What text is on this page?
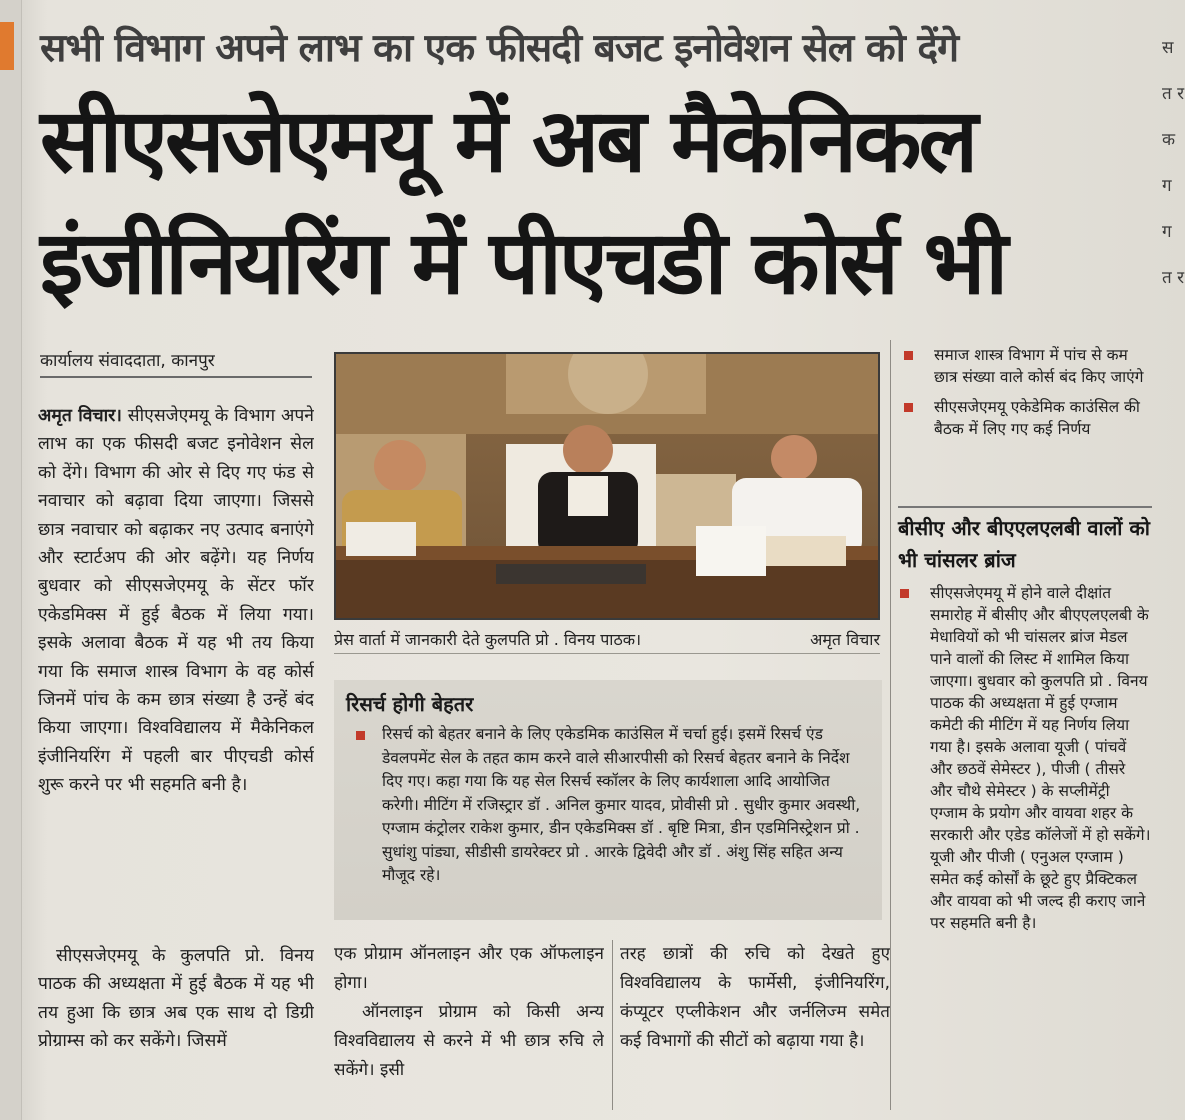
सभी विभाग अपने लाभ का एक फीसदी बजट इनोवेशन सेल को देंगे
सीएसजेएमयू में अब मैकेनिकल
इंजीनियरिंग में पीएचडी कोर्स भी
कार्यालय संवाददाता, कानपुर

अमृत विचार। सीएसजेएमयू के विभाग अपने लाभ का एक फीसदी बजट इनोवेशन सेल को देंगे। विभाग की ओर से दिए गए फंड से नवाचार को बढ़ावा दिया जाएगा। जिससे छात्र नवाचार को बढ़ाकर नए उत्पाद बनाएंगे और स्टार्टअप की ओर बढ़ेंगे। यह निर्णय बुधवार को सीएसजेएमयू के सेंटर फॉर एकेडमिक्स में हुई बैठक में लिया गया। इसके अलावा बैठक में यह भी तय किया गया कि समाज शास्त्र विभाग के वह कोर्स जिनमें पांच के कम छात्र संख्या है उन्हें बंद किया जाएगा। विश्वविद्यालय में मैकेनिकल इंजीनियरिंग में पहली बार पीएचडी कोर्स शुरू करने पर भी सहमति बनी है।

सीएसजेएमयू के कुलपति प्रो. विनय पाठक की अध्यक्षता में हुई बैठक में यह भी तय हुआ कि छात्र अब एक साथ दो डिग्री प्रोग्राम्स को कर सकेंगे। जिसमें

प्रेस वार्ता में जानकारी देते कुलपति प्रो . विनय पाठक।	अमृत विचार
रिसर्च होगी बेहतर
रिसर्च को बेहतर बनाने के लिए एकेडमिक काउंसिल में चर्चा हुई। इसमें रिसर्च एंड डेवलपमेंट सेल के तहत काम करने वाले सीआरपीसी को रिसर्च बेहतर बनाने के निर्देश दिए गए। कहा गया कि यह सेल रिसर्च स्कॉलर के लिए कार्यशाला आदि आयोजित करेगी। मीटिंग में रजिस्ट्रार डॉ . अनिल कुमार यादव, प्रोवीसी प्रो . सुधीर कुमार अवस्थी, एग्जाम कंट्रोलर राकेश कुमार, डीन एकेडमिक्स डॉ . बृष्टि मित्रा, डीन एडमिनिस्ट्रेशन प्रो . सुधांशु पांड्या, सीडीसी डायरेक्टर प्रो . आरके द्विवेदी और डॉ . अंशु सिंह सहित अन्य मौजूद रहे।

एक प्रोग्राम ऑनलाइन और एक ऑफलाइन होगा।

ऑनलाइन प्रोग्राम को किसी अन्य विश्वविद्यालय से करने में भी छात्र रुचि ले सकेंगे। इसी

तरह छात्रों की रुचि को देखते हुए विश्वविद्यालय के फार्मेसी, इंजीनियरिंग, कंप्यूटर एप्लीकेशन और जर्नलिज्म समेत कई विभागों की सीटों को बढ़ाया गया है।

समाज शास्त्र विभाग में पांच से कम छात्र संख्या वाले कोर्स बंद किए जाएंगे
सीएसजेएमयू एकेडेमिक काउंसिल की बैठक में लिए गए कई निर्णय
बीसीए और बीएएलएलबी वालों को भी चांसलर ब्रांज
सीएसजेएमयू में होने वाले दीक्षांत समारोह में बीसीए और बीएएलएलबी के मेधावियों को भी चांसलर ब्रांज मेडल पाने वालों की लिस्ट में शामिल किया जाएगा। बुधवार को कुलपति प्रो . विनय पाठक की अध्यक्षता में हुई एग्जाम कमेटी की मीटिंग में यह निर्णय लिया गया है। इसके अलावा यूजी ( पांचवें और छठवें सेमेस्टर ), पीजी ( तीसरे और चौथे सेमेस्टर ) के सप्लीमेंट्री एग्जाम के प्रयोग और वायवा शहर के सरकारी और एडेड कॉलेजों में हो सकेंगे। यूजी और पीजी ( एनुअल एग्जाम ) समेत कई कोर्सों के छूटे हुए प्रैक्टिकल और वायवा को भी जल्द ही कराए जाने पर सहमति बनी है।
स त र क ग ग त र
